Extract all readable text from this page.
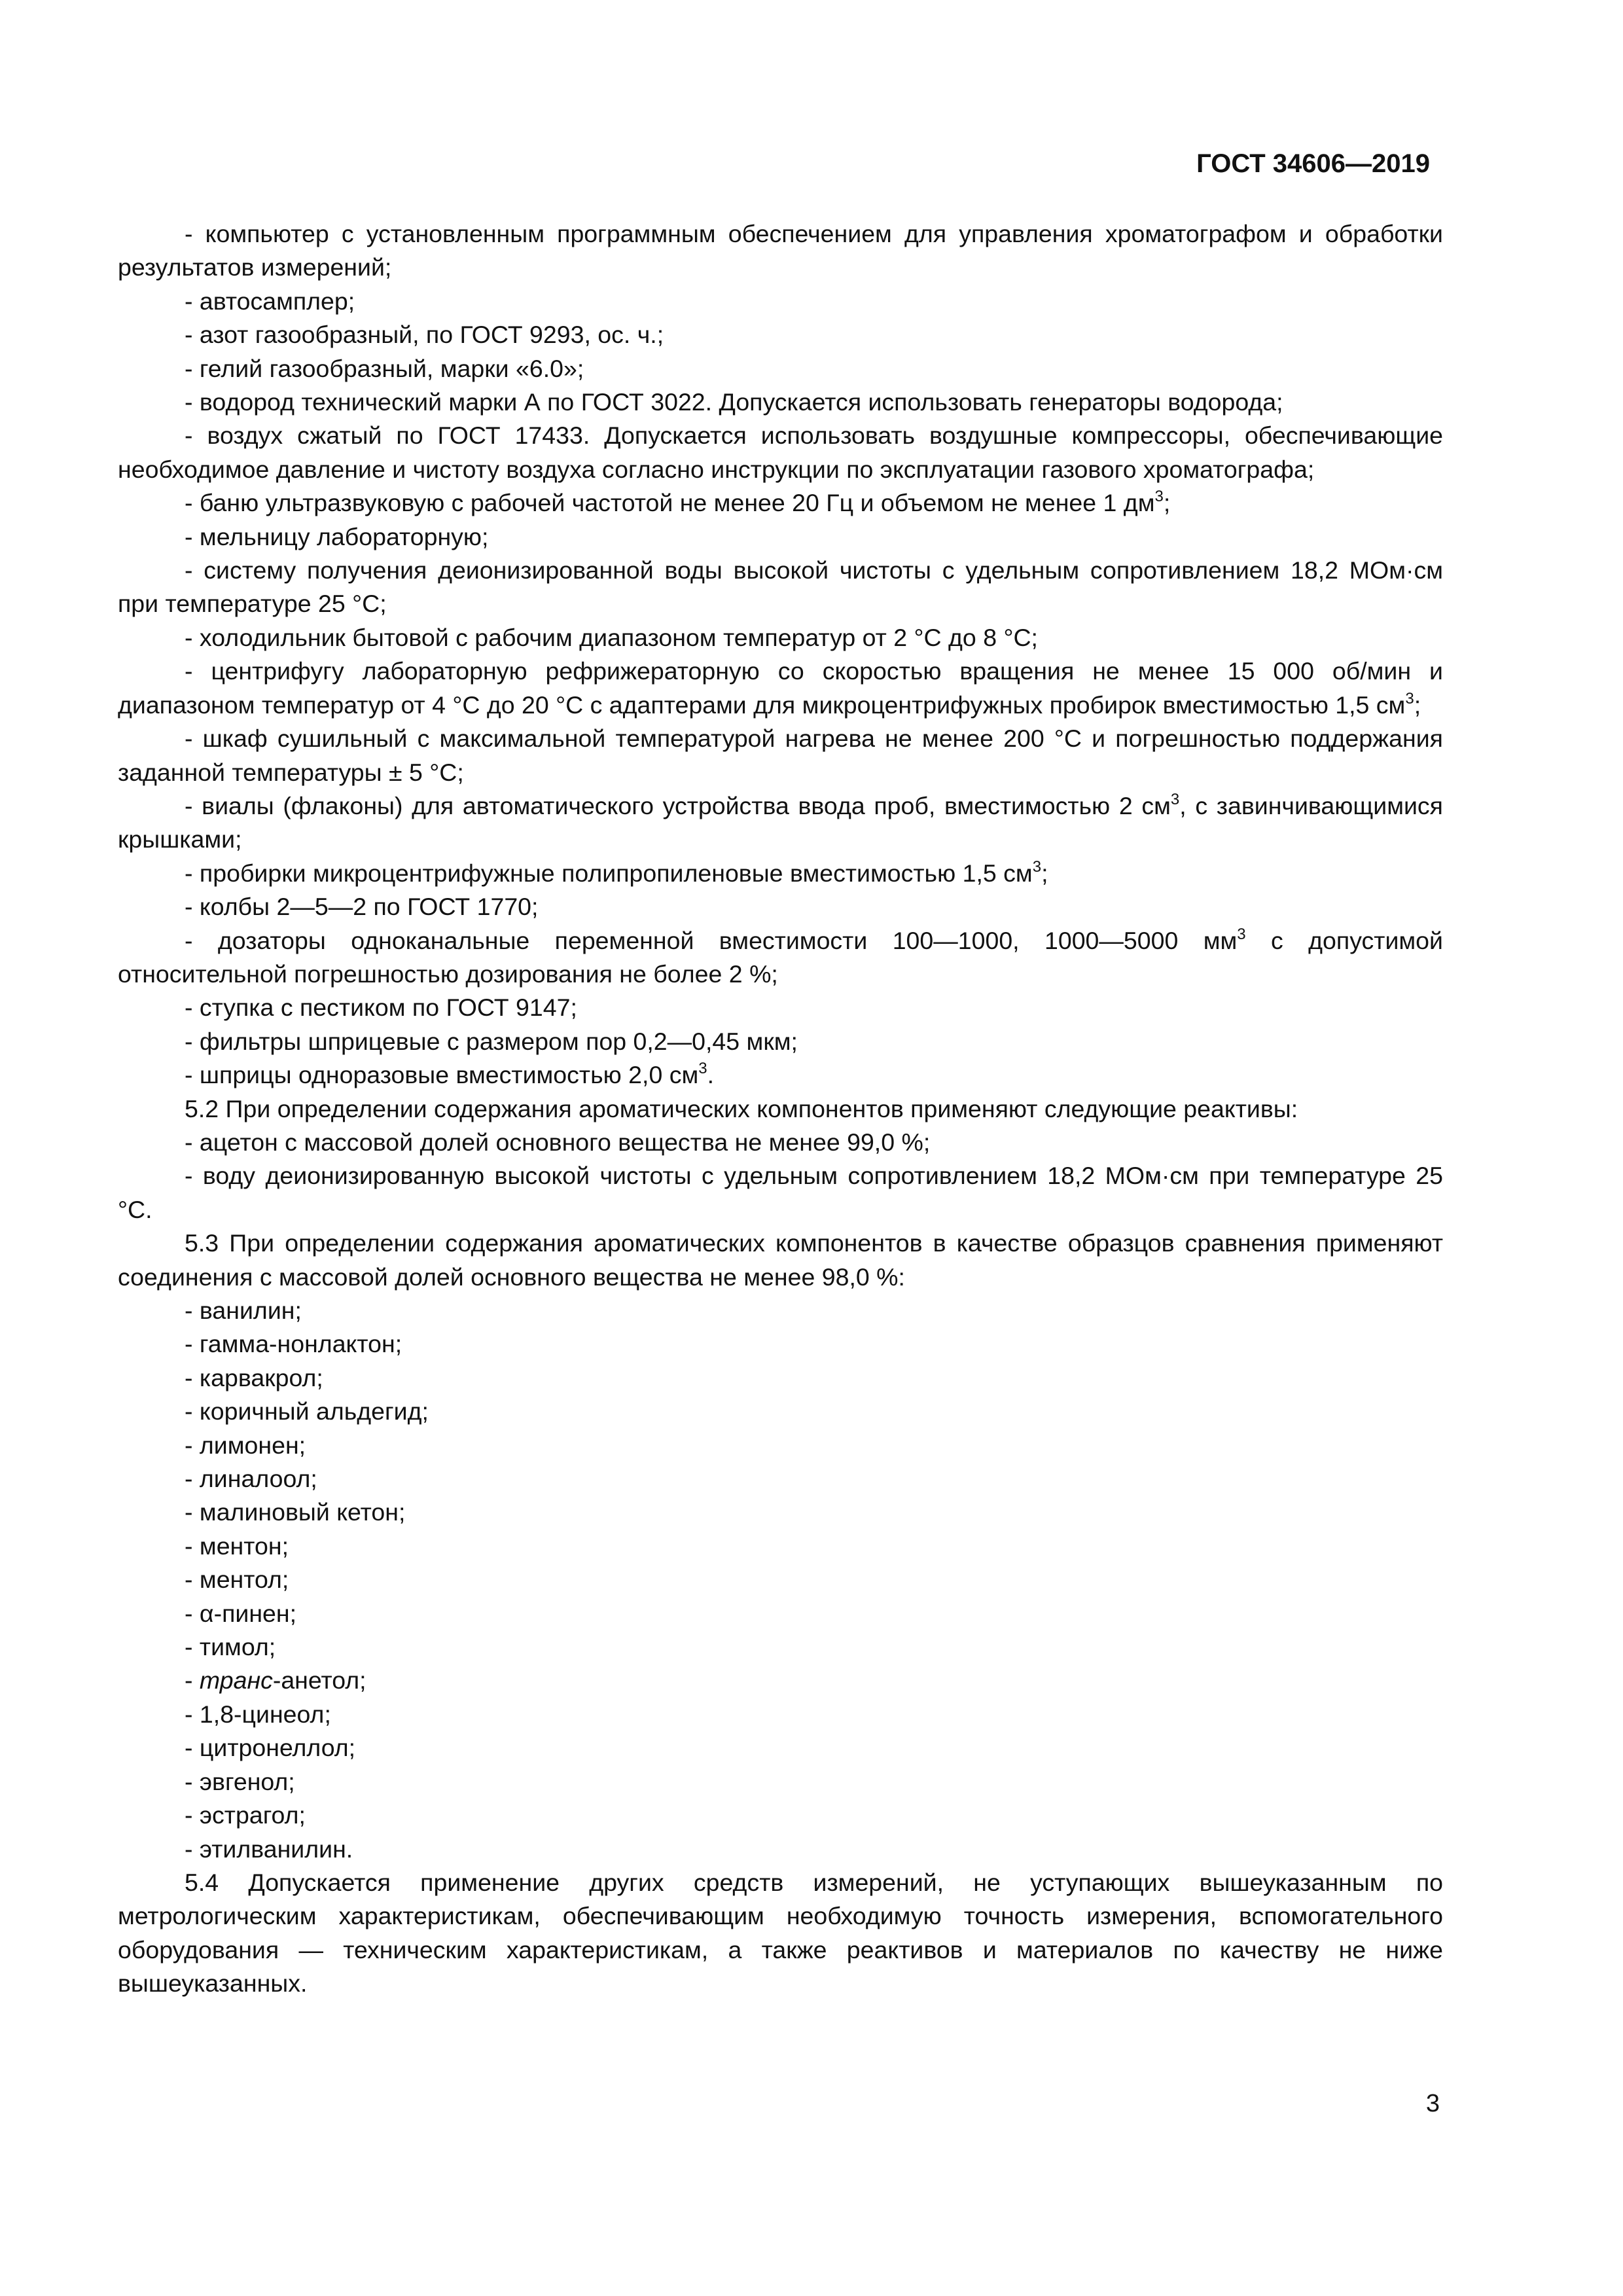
ГОСТ 34606—2019

- компьютер с установленным программным обеспечением для управления хроматографом и обработки результатов измерений;

- автосамплер;

- азот газообразный, по ГОСТ 9293, ос. ч.;

- гелий газообразный, марки «6.0»;

- водород технический марки А по ГОСТ 3022. Допускается использовать генераторы водорода;

- воздух сжатый по ГОСТ 17433. Допускается использовать воздушные компрессоры, обеспечивающие необходимое давление и чистоту воздуха согласно инструкции по эксплуатации газового хроматографа;

- баню ультразвуковую с рабочей частотой не менее 20 Гц и объемом не менее 1 $дм^3$;

- мельницу лабораторную;

- систему получения деионизированной воды высокой чистоты с удельным сопротивлением 18,2 МОм·см при температуре 25 °С;

- холодильник бытовой с рабочим диапазоном температур от 2 °С до 8 °С;

- центрифугу лабораторную рефрижераторную со скоростью вращения не менее 15 000 об/мин и диапазоном температур от 4 °С до 20 °С с адаптерами для микроцентрифужных пробирок вместимостью 1,5 $см^3$;

- шкаф сушильный с максимальной температурой нагрева не менее 200 °С и погрешностью поддержания заданной температуры ± 5 °С;

- виалы (флаконы) для автоматического устройства ввода проб, вместимостью 2 $см^3$, с завинчивающимися крышками;

- пробирки микроцентрифужные полипропиленовые вместимостью 1,5 $см^3$;

- колбы 2—5—2 по ГОСТ 1770;

- дозаторы одноканальные переменной вместимости 100—1000, 1000—5000 $мм^3$ с допустимой относительной погрешностью дозирования не более 2 %;

- ступка с пестиком по ГОСТ 9147;

- фильтры шприцевые с размером пор 0,2—0,45 мкм;

- шприцы одноразовые вместимостью 2,0 $см^3$.

5.2 При определении содержания ароматических компонентов применяют следующие реактивы:

- ацетон с массовой долей основного вещества не менее 99,0 %;

- воду деионизированную высокой чистоты с удельным сопротивлением 18,2 МОм·см при температуре 25 °С.

5.3 При определении содержания ароматических компонентов в качестве образцов сравнения применяют соединения с массовой долей основного вещества не менее 98,0 %:

- ванилин;

- гамма-нонлактон;

- карвакрол;

- коричный альдегид;

- лимонен;

- линалоол;

- малиновый кетон;

- ментон;

- ментол;

- α-пинен;

- тимол;

- транс-анетол;

- 1,8-цинеол;

- цитронеллол;

- эвгенол;

- эстрагол;

- этилванилин.

5.4 Допускается применение других средств измерений, не уступающих вышеуказанным по метрологическим характеристикам, обеспечивающим необходимую точность измерения, вспомогательного оборудования — техническим характеристикам, а также реактивов и материалов по качеству не ниже вышеуказанных.

3
